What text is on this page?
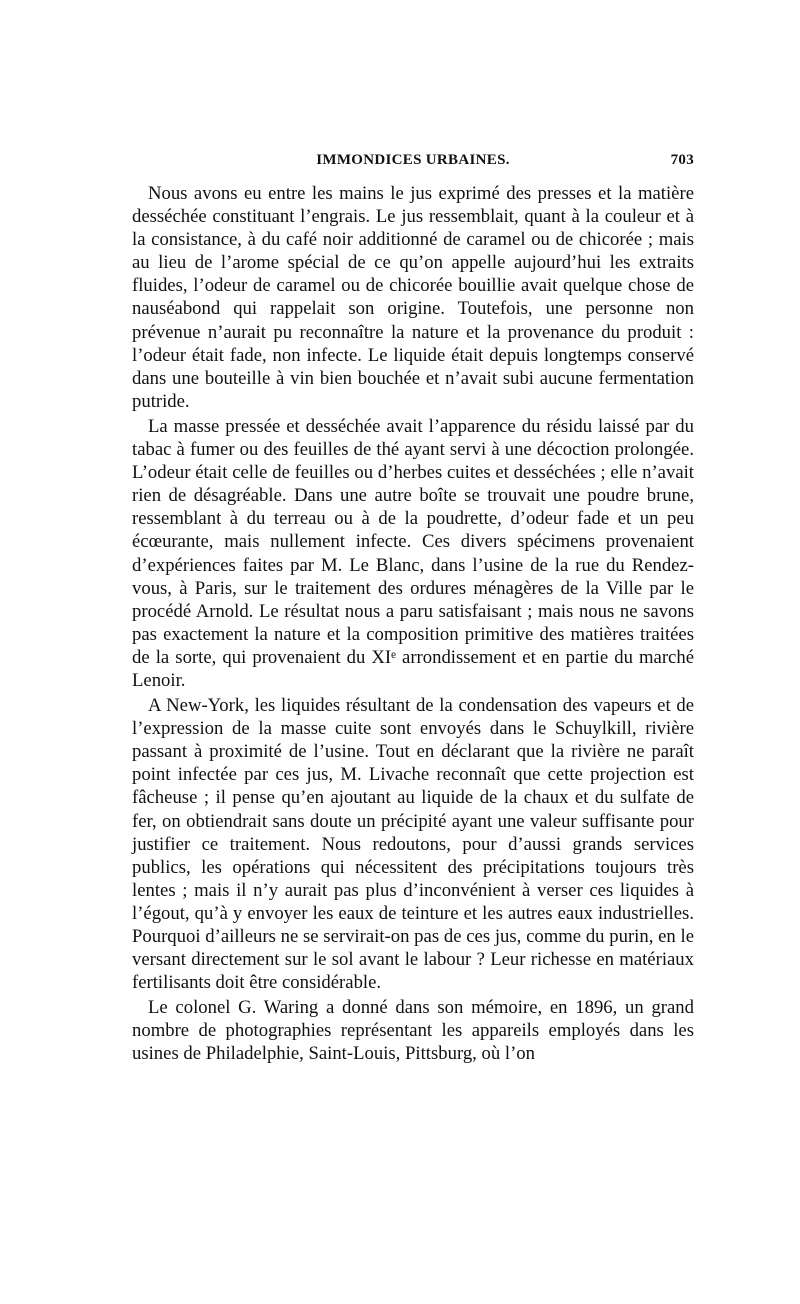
IMMONDICES URBAINES.	703

Nous avons eu entre les mains le jus exprimé des presses et la matière desséchée constituant l’engrais. Le jus ressemblait, quant à la couleur et à la consistance, à du café noir additionné de caramel ou de chicorée ; mais au lieu de l’arome spécial de ce qu’on appelle aujourd’hui les extraits fluides, l’odeur de caramel ou de chicorée bouillie avait quelque chose de nauséabond qui rappelait son origine. Toutefois, une personne non prévenue n’aurait pu reconnaître la nature et la provenance du produit : l’odeur était fade, non infecte. Le liquide était depuis longtemps conservé dans une bouteille à vin bien bouchée et n’avait subi aucune fermentation putride.

La masse pressée et desséchée avait l’apparence du résidu laissé par du tabac à fumer ou des feuilles de thé ayant servi à une décoction prolongée. L’odeur était celle de feuilles ou d’herbes cuites et desséchées ; elle n’avait rien de désagréable. Dans une autre boîte se trouvait une poudre brune, ressemblant à du terreau ou à de la poudrette, d’odeur fade et un peu écœurante, mais nullement infecte. Ces divers spécimens provenaient d’expériences faites par M. Le Blanc, dans l’usine de la rue du Rendez-vous, à Paris, sur le traitement des ordures ménagères de la Ville par le procédé Arnold. Le résultat nous a paru satisfaisant ; mais nous ne savons pas exactement la nature et la composition primitive des matières traitées de la sorte, qui provenaient du XIᵉ arrondissement et en partie du marché Lenoir.

A New-York, les liquides résultant de la condensation des vapeurs et de l’expression de la masse cuite sont envoyés dans le Schuylkill, rivière passant à proximité de l’usine. Tout en déclarant que la rivière ne paraît point infectée par ces jus, M. Livache reconnaît que cette projection est fâcheuse ; il pense qu’en ajoutant au liquide de la chaux et du sulfate de fer, on obtiendrait sans doute un précipité ayant une valeur suffisante pour justifier ce traitement. Nous redoutons, pour d’aussi grands services publics, les opérations qui nécessitent des précipitations toujours très lentes ; mais il n’y aurait pas plus d’inconvénient à verser ces liquides à l’égout, qu’à y envoyer les eaux de teinture et les autres eaux industrielles. Pourquoi d’ailleurs ne se servirait-on pas de ces jus, comme du purin, en le versant directement sur le sol avant le labour ? Leur richesse en matériaux fertilisants doit être considérable.

Le colonel G. Waring a donné dans son mémoire, en 1896, un grand nombre de photographies représentant les appareils employés dans les usines de Philadelphie, Saint-Louis, Pittsburg, où l’on
